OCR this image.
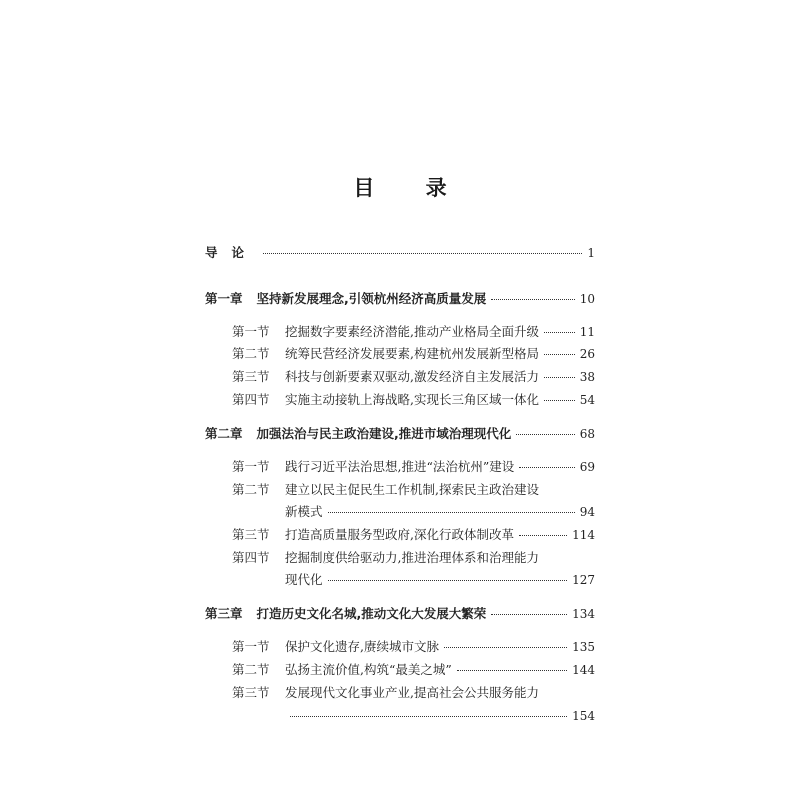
目 录
导论	1
第一章 坚持新发展理念,引领杭州经济高质量发展	10
第一节 挖掘数字要素经济潜能,推动产业格局全面升级	11
第二节 统筹民营经济发展要素,构建杭州发展新型格局	26
第三节 科技与创新要素双驱动,激发经济自主发展活力	38
第四节 实施主动接轨上海战略,实现长三角区域一体化	54
第二章 加强法治与民主政治建设,推进市域治理现代化	68
第一节 践行习近平法治思想,推进“法治杭州”建设	69
第二节 建立以民主促民生工作机制,探索民主政治建设
新模式	94
第三节 打造高质量服务型政府,深化行政体制改革	114
第四节 挖掘制度供给驱动力,推进治理体系和治理能力
现代化	127
第三章 打造历史文化名城,推动文化大发展大繁荣	134
第一节 保护文化遗存,赓续城市文脉	135
第二节 弘扬主流价值,构筑“最美之城”	144
第三节 发展现代文化事业产业,提高社会公共服务能力
154
